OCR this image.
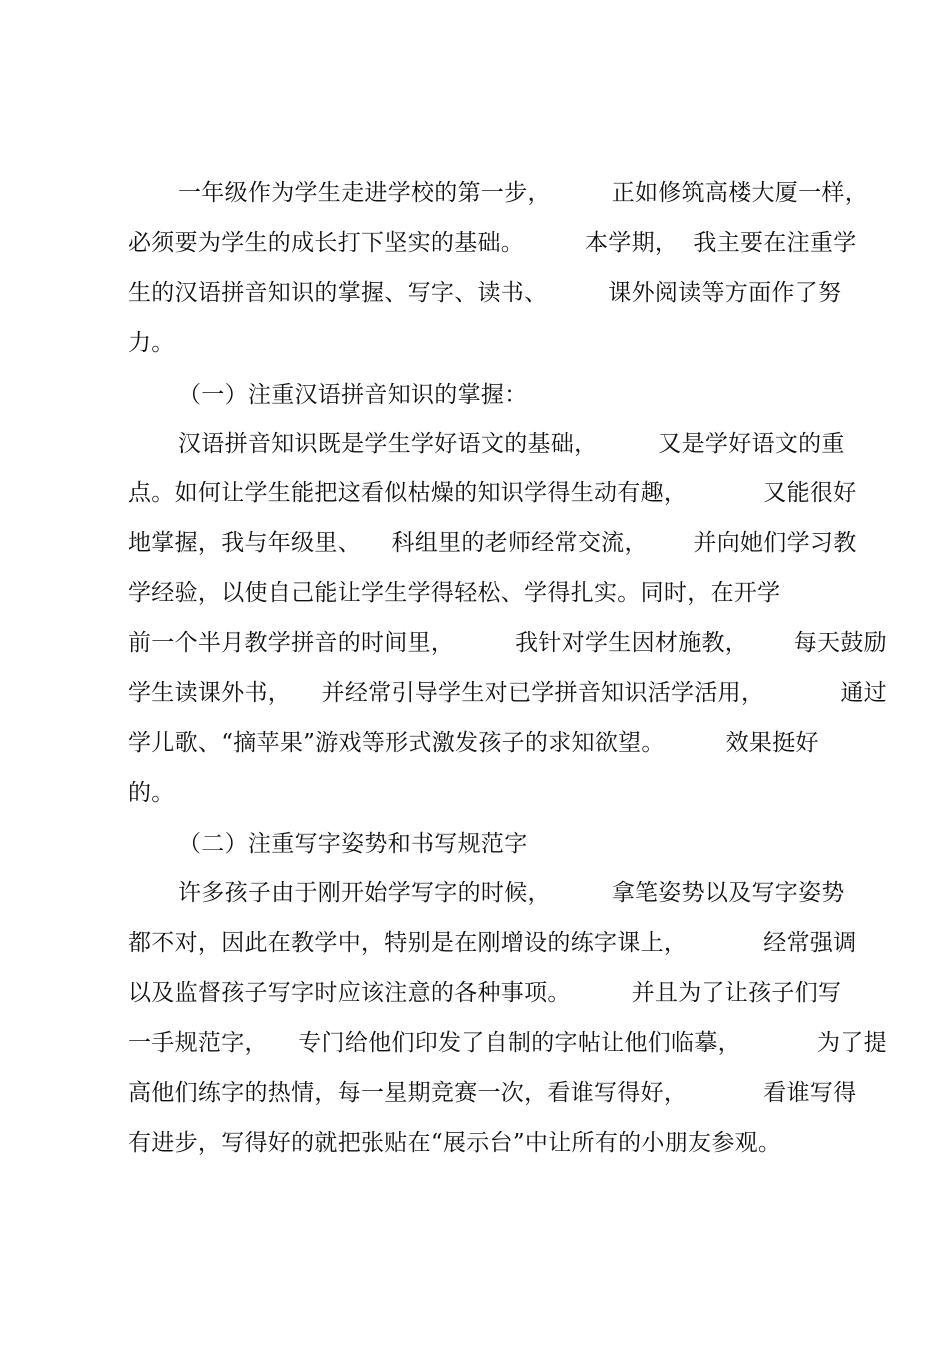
一年级作为学生走进学校的第一步，        正如修筑高楼大厦一样，
必须要为学生的成长打下坚实的基础。        本学期，  我主要在注重学
生的汉语拼音知识的掌握、写字、读书、        课外阅读等方面作了努
力。
（一）注重汉语拼音知识的掌握：
汉语拼音知识既是学生学好语文的基础，        又是学好语文的重
点。如何让学生能把这看似枯燥的知识学得生动有趣，          又能很好
地掌握，我与年级里、    科组里的老师经常交流，      并向她们学习教
学经验，以使自己能让学生学得轻松、学得扎实。同时，在开学
前一个半月教学拼音的时间里，        我针对学生因材施教，      每天鼓励
学生读课外书，    并经常引导学生对已学拼音知识活学活用，          通过
学儿歌、“摘苹果”游戏等形式激发孩子的求知欲望。        效果挺好
的。
（二）注重写字姿势和书写规范字
许多孩子由于刚开始学写字的时候，        拿笔姿势以及写字姿势
都不对，因此在教学中，特别是在刚增设的练字课上，          经常强调
以及监督孩子写字时应该注意的各种事项。        并且为了让孩子们写
一手规范字，    专门给他们印发了自制的字帖让他们临摹，          为了提
高他们练字的热情，每一星期竞赛一次，看谁写得好，          看谁写得
有进步，写得好的就把张贴在“展示台”中让所有的小朋友参观。
